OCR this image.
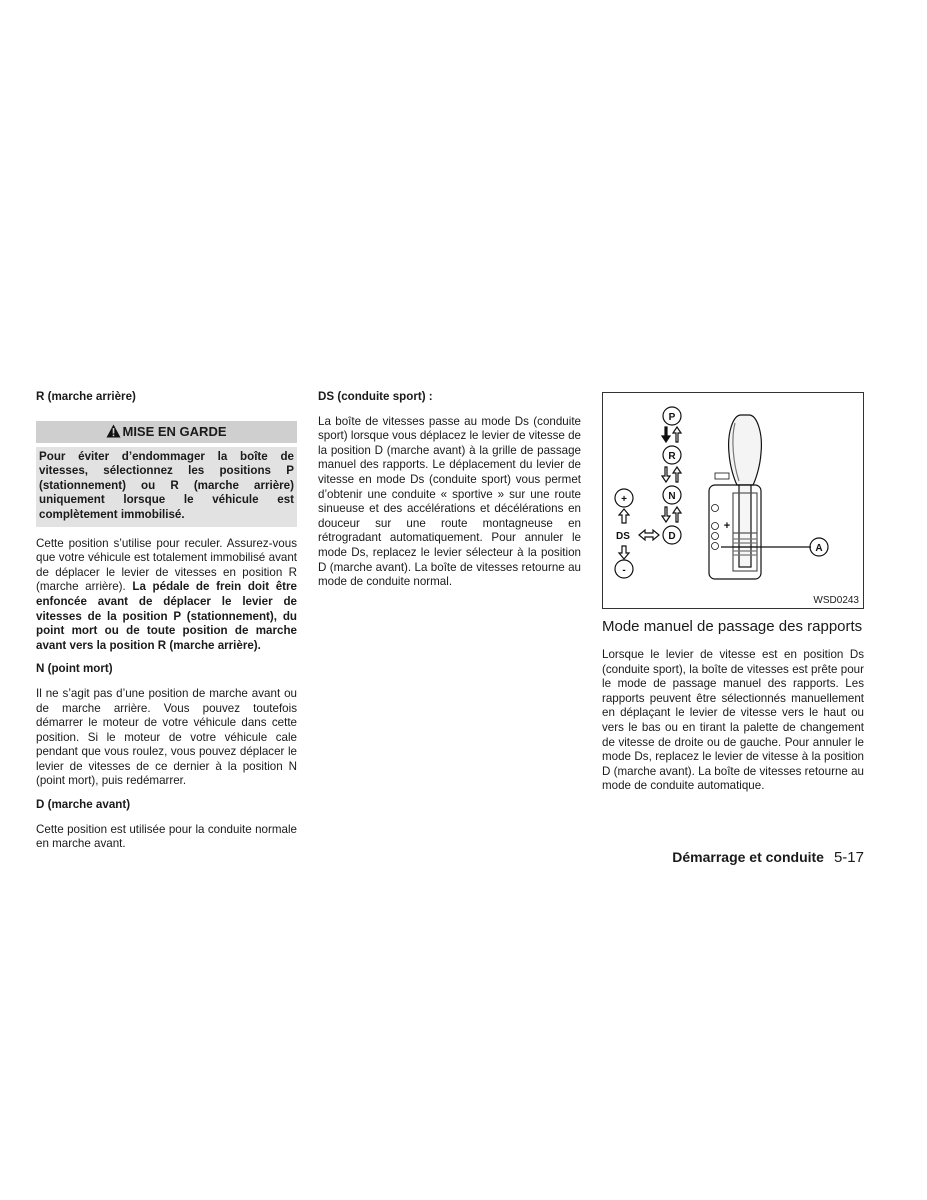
R (marche arrière)
MISE EN GARDE
Pour éviter d’endommager la boîte de vitesses, sélectionnez les positions P (stationnement) ou R (marche arrière) uniquement lorsque le véhicule est complètement immobilisé.

Cette position s’utilise pour reculer. Assurez-vous que votre véhicule est totalement immobilisé avant de déplacer le levier de vitesses en position R (marche arrière). La pédale de frein doit être enfoncée avant de déplacer le levier de vitesses de la position P (stationnement), du point mort ou de toute position de marche avant vers la position R (marche arrière).

N (point mort)

Il ne s’agit pas d’une position de marche avant ou de marche arrière. Vous pouvez toutefois démarrer le moteur de votre véhicule dans cette position. Si le moteur de votre véhicule cale pendant que vous roulez, vous pouvez déplacer le levier de vitesses de ce dernier à la position N (point mort), puis redémarrer.

D (marche avant)

Cette position est utilisée pour la conduite normale en marche avant.

DS (conduite sport) :

La boîte de vitesses passe au mode Ds (conduite sport) lorsque vous déplacez le levier de vitesse de la position D (marche avant) à la grille de passage manuel des rapports. Le déplacement du levier de vitesse en mode Ds (conduite sport) vous permet d’obtenir une conduite « sportive » sur une route sinueuse et des accélérations et décélérations en douceur sur une route montagneuse en rétrogradant automatiquement. Pour annuler le mode Ds, replacez le levier sélecteur à la position D (marche avant). La boîte de vitesses retourne au mode de conduite normal.

P
R
N
D
+
-
DS
A
+
WSD0243
Mode manuel de passage des rapports

Lorsque le levier de vitesse est en position Ds (conduite sport), la boîte de vitesses est prête pour le mode de passage manuel des rapports. Les rapports peuvent être sélectionnés manuellement en déplaçant le levier de vitesse vers le haut ou vers le bas ou en tirant la palette de changement de vitesse de droite ou de gauche. Pour annuler le mode Ds, replacez le levier de vitesse à la position D (marche avant). La boîte de vitesses retourne au mode de conduite automatique.

Démarrage et conduite 5-17
